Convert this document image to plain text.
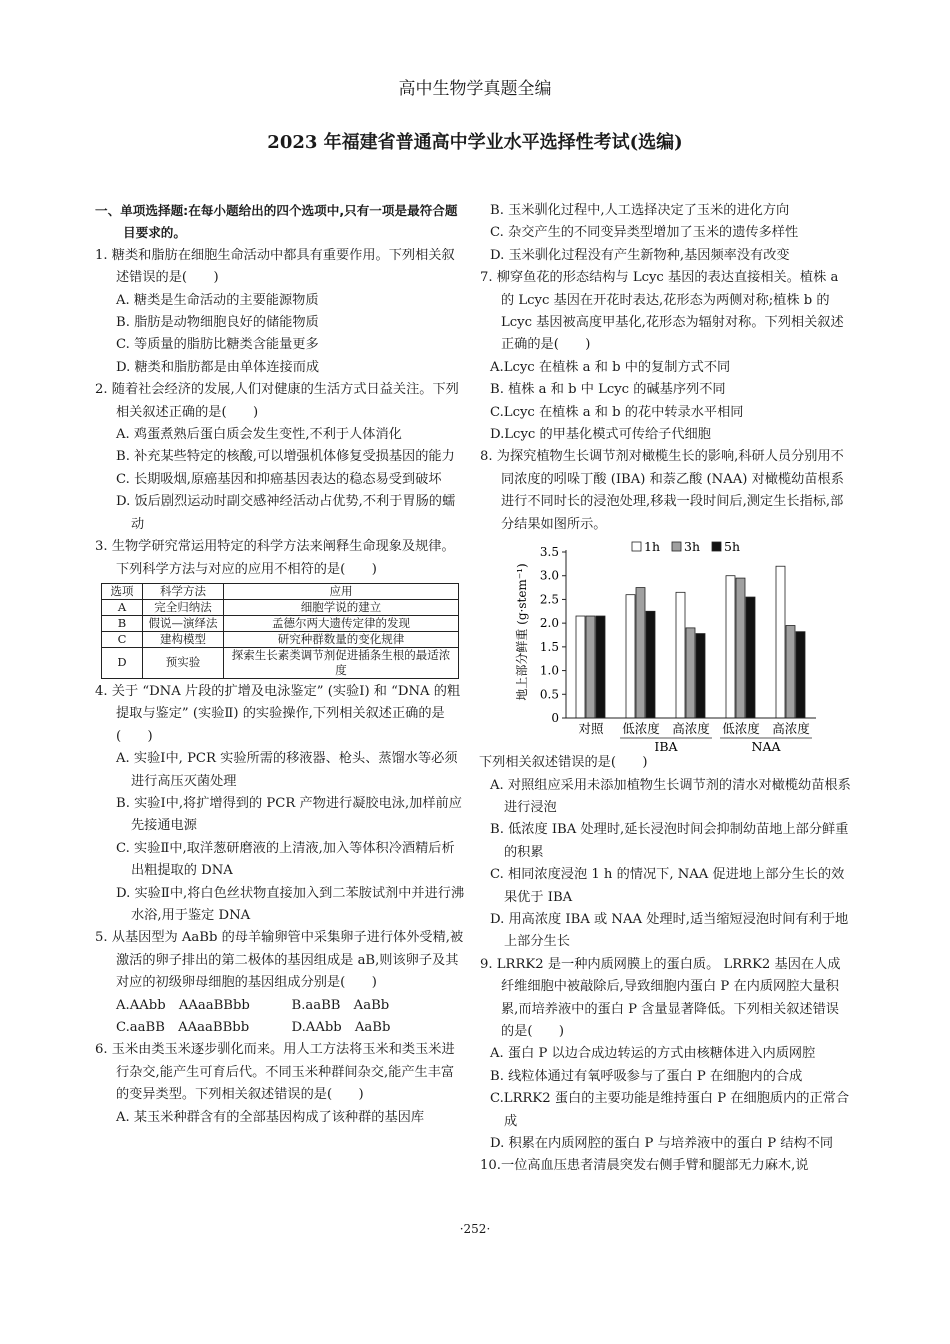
高中生物学真题全编
2023 年福建省普通高中学业水平选择性考试(选编)
一、单项选择题:在每小题给出的四个选项中,只有一项是最符合题目要求的。

1. 糖类和脂肪在细胞生命活动中都具有重要作用。下列相关叙述错误的是(　　)

A. 糖类是生命活动的主要能源物质

B. 脂肪是动物细胞良好的储能物质

C. 等质量的脂肪比糖类含能量更多

D. 糖类和脂肪都是由单体连接而成

2. 随着社会经济的发展,人们对健康的生活方式日益关注。下列相关叙述正确的是(　　)

A. 鸡蛋煮熟后蛋白质会发生变性,不利于人体消化

B. 补充某些特定的核酸,可以增强机体修复受损基因的能力

C. 长期吸烟,原癌基因和抑癌基因表达的稳态易受到破坏

D. 饭后剧烈运动时副交感神经活动占优势,不利于胃肠的蠕动

3. 生物学研究常运用特定的科学方法来阐释生命现象及规律。下列科学方法与对应的应用不相符的是(　　)

选项	科学方法	应用
A	完全归纳法	细胞学说的建立
B	假说—演绎法	孟德尔两大遗传定律的发现
C	建构模型	研究种群数量的变化规律
D	预实验	探索生长素类调节剂促进插条生根的最适浓度

4. 关于 “DNA 片段的扩增及电泳鉴定” (实验Ⅰ) 和 “DNA 的粗提取与鉴定” (实验Ⅱ) 的实验操作,下列相关叙述正确的是(　　)

A. 实验Ⅰ中, PCR 实验所需的移液器、枪头、蒸馏水等必须进行高压灭菌处理

B. 实验Ⅰ中,将扩增得到的 PCR 产物进行凝胶电泳,加样前应先接通电源

C. 实验Ⅱ中,取洋葱研磨液的上清液,加入等体积冷酒精后析出粗提取的 DNA

D. 实验Ⅱ中,将白色丝状物直接加入到二苯胺试剂中并进行沸水浴,用于鉴定 DNA

5. 从基因型为 AaBb 的母羊输卵管中采集卵子进行体外受精,被激活的卵子排出的第二极体的基因组成是 aB,则该卵子及其对应的初级卵母细胞的基因组成分别是(　　)

A.AAbb　AAaaBBbb	B.aaBB　AaBb
C.aaBB　AAaaBBbb	D.AAbb　AaBb

6. 玉米由类玉米逐步驯化而来。用人工方法将玉米和类玉米进行杂交,能产生可育后代。不同玉米种群间杂交,能产生丰富的变异类型。下列相关叙述错误的是(　　)

A. 某玉米种群含有的全部基因构成了该种群的基因库

B. 玉米驯化过程中,人工选择决定了玉米的进化方向

C. 杂交产生的不同变异类型增加了玉米的遗传多样性

D. 玉米驯化过程没有产生新物种,基因频率没有改变

7. 柳穿鱼花的形态结构与 Lcyc 基因的表达直接相关。植株 a 的 Lcyc 基因在开花时表达,花形态为两侧对称;植株 b 的 Lcyc 基因被高度甲基化,花形态为辐射对称。下列相关叙述正确的是(　　)

A.Lcyc 在植株 a 和 b 中的复制方式不同

B. 植株 a 和 b 中 Lcyc 的碱基序列不同

C.Lcyc 在植株 a 和 b 的花中转录水平相同

D.Lcyc 的甲基化模式可传给子代细胞

8. 为探究植物生长调节剂对橄榄生长的影响,科研人员分别用不同浓度的吲哚丁酸 (IBA) 和萘乙酸 (NAA) 对橄榄幼苗根系进行不同时长的浸泡处理,移栽一段时间后,测定生长指标,部分结果如图所示。

地上部分鲜重 (g·stem⁻¹)
1h 3h 5h
0
0.5
1.0
1.5
2.0
2.5
3.0
3.5
对照 低浓度 高浓度 低浓度 高浓度
IBA	NAA

下列相关叙述错误的是(　　)

A. 对照组应采用未添加植物生长调节剂的清水对橄榄幼苗根系进行浸泡

B. 低浓度 IBA 处理时,延长浸泡时间会抑制幼苗地上部分鲜重的积累

C. 相同浓度浸泡 1 h 的情况下, NAA 促进地上部分生长的效果优于 IBA

D. 用高浓度 IBA 或 NAA 处理时,适当缩短浸泡时间有利于地上部分生长

9. LRRK2 是一种内质网膜上的蛋白质。 LRRK2 基因在人成纤维细胞中被敲除后,导致细胞内蛋白 P 在内质网腔大量积累,而培养液中的蛋白 P 含量显著降低。下列相关叙述错误的是(　　)

A. 蛋白 P 以边合成边转运的方式由核糖体进入内质网腔

B. 线粒体通过有氧呼吸参与了蛋白 P 在细胞内的合成

C.LRRK2 蛋白的主要功能是维持蛋白 P 在细胞质内的正常合成

D. 积累在内质网腔的蛋白 P 与培养液中的蛋白 P 结构不同

10.一位高血压患者清晨突发右侧手臂和腿部无力麻木,说

·252·
